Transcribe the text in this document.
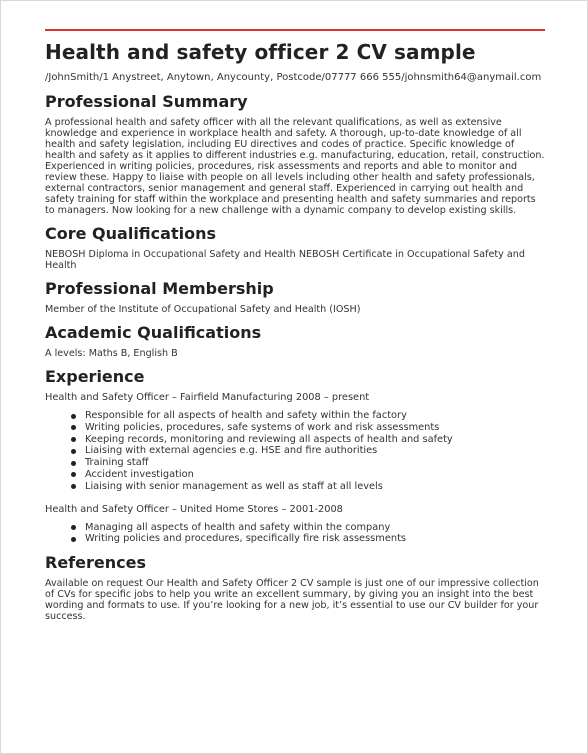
Health and safety officer 2 CV sample
/JohnSmith/1 Anystreet, Anytown, Anycounty, Postcode/07777 666 555/johnsmith64@anymail.com
Professional Summary

A professional health and safety officer with all the relevant qualifications, as well as extensive knowledge and experience in workplace health and safety. A thorough, up-to-date knowledge of all health and safety legislation, including EU directives and codes of practice. Specific knowledge of health and safety as it applies to different industries e.g. manufacturing, education, retail, construction. Experienced in writing policies, procedures, risk assessments and reports and able to monitor and review these. Happy to liaise with people on all levels including other health and safety professionals, external contractors, senior management and general staff. Experienced in carrying out health and safety training for staff within the workplace and presenting health and safety summaries and reports to managers. Now looking for a new challenge with a dynamic company to develop existing skills.

Core Qualifications

NEBOSH Diploma in Occupational Safety and Health NEBOSH Certificate in Occupational Safety and Health

Professional Membership

Member of the Institute of Occupational Safety and Health (IOSH)

Academic Qualifications

A levels: Maths B, English B

Experience

Health and Safety Officer – Fairfield Manufacturing 2008 – present

Responsible for all aspects of health and safety within the factory
Writing policies, procedures, safe systems of work and risk assessments
Keeping records, monitoring and reviewing all aspects of health and safety
Liaising with external agencies e.g. HSE and fire authorities
Training staff
Accident investigation
Liaising with senior management as well as staff at all levels

Health and Safety Officer – United Home Stores – 2001-2008

Managing all aspects of health and safety within the company
Writing policies and procedures, specifically fire risk assessments
References

Available on request Our Health and Safety Officer 2 CV sample is just one of our impressive collection of CVs for specific jobs to help you write an excellent summary, by giving you an insight into the best wording and formats to use. If you’re looking for a new job, it’s essential to use our CV builder for your success.
